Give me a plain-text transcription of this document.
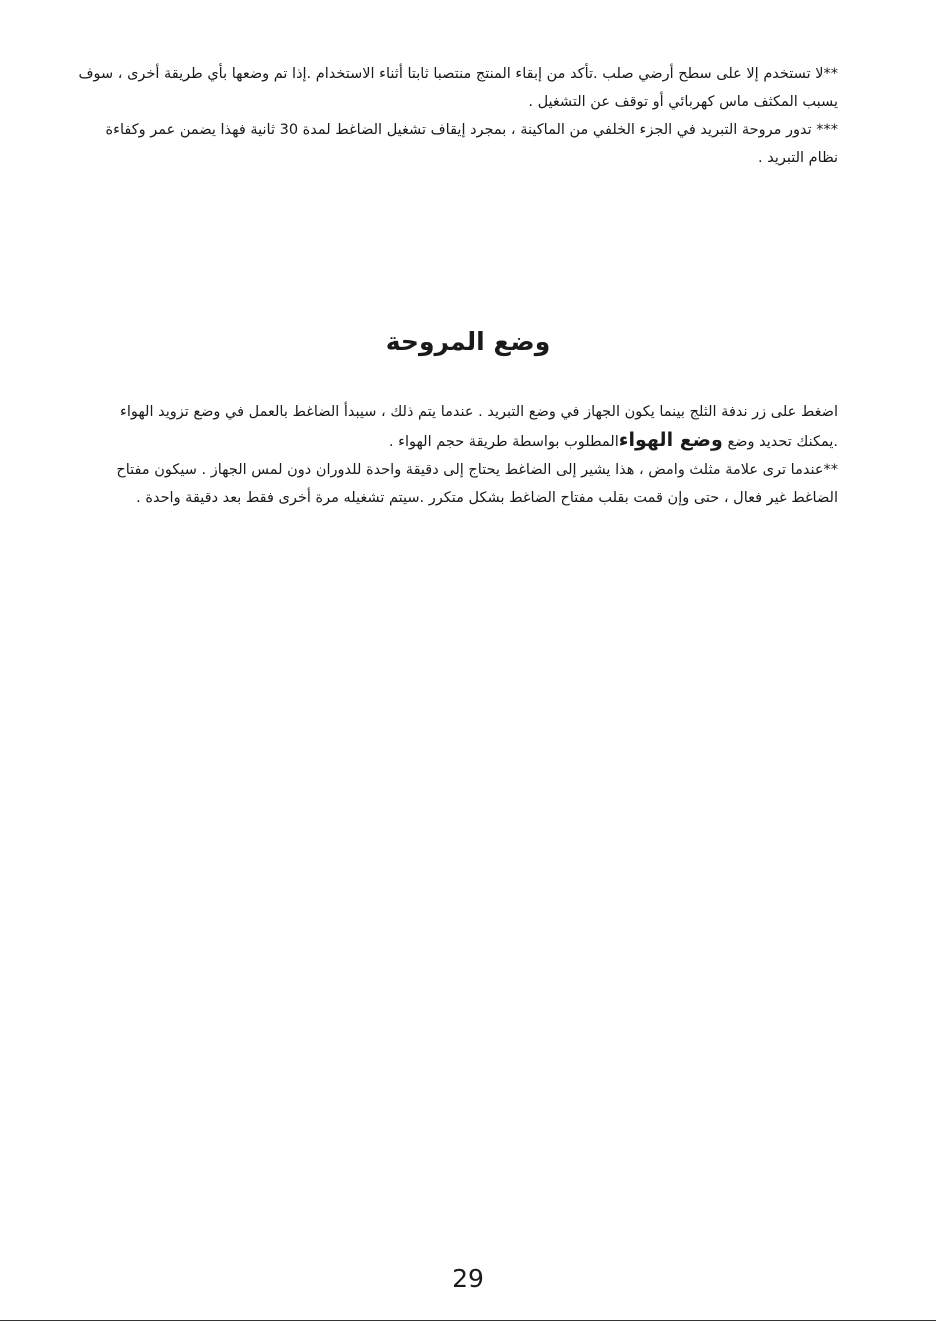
**لا تستخدم إلا على سطح أرضي صلب .تأكد من إبقاء المنتج منتصبا ثابتا أثناء الاستخدام .إذا تم وضعها بأي طريقة أخرى ، سوف يسبب المكثف ماس كهربائي أو توقف عن التشغيل .

*** تدور مروحة التبريد في الجزء الخلفي من الماكينة ، بمجرد إيقاف تشغيل الضاغط لمدة 30 ثانية فهذا يضمن عمر وكفاءة نظام التبريد .

وضع المروحة

اضغط على زر ندفة الثلج بينما يكون الجهاز في وضع التبريد . عندما يتم ذلك ، سيبدأ الضاغط بالعمل في وضع تزويد الهواء .يمكنك تحديد وضع وضع الهواءالمطلوب بواسطة طريقة حجم الهواء .

**عندما ترى علامة مثلث وامض ، هذا يشير إلى الضاغط يحتاج إلى دقيقة واحدة للدوران دون لمس الجهاز . سيكون مفتاح الضاغط غير فعال ، حتى وإن قمت بقلب مفتاح الضاغط بشكل متكرر .سيتم تشغيله مرة أخرى فقط بعد دقيقة واحدة .

29
